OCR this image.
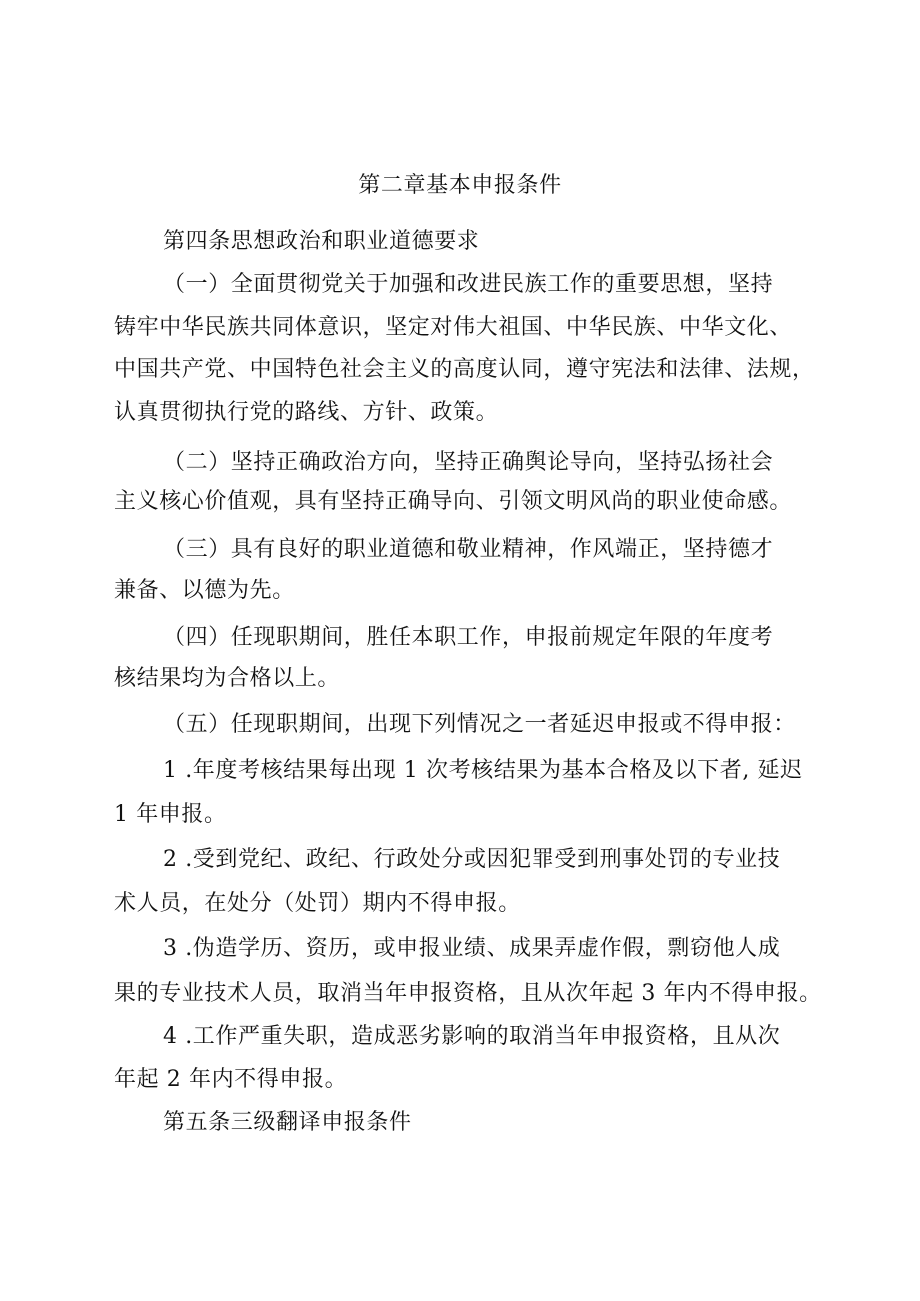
第二章基本申报条件
第四条思想政治和职业道德要求
（一）全面贯彻党关于加强和改进民族工作的重要思想，坚持
铸牢中华民族共同体意识，坚定对伟大祖国、中华民族、中华文化、
中国共产党、中国特色社会主义的高度认同，遵守宪法和法律、法规，
认真贯彻执行党的路线、方针、政策。
（二）坚持正确政治方向，坚持正确舆论导向，坚持弘扬社会
主义核心价值观，具有坚持正确导向、引领文明风尚的职业使命感。
（三）具有良好的职业道德和敬业精神，作风端正，坚持德才
兼备、以德为先。
（四）任现职期间，胜任本职工作，申报前规定年限的年度考
核结果均为合格以上。
（五）任现职期间，出现下列情况之一者延迟申报或不得申报：
1 .年度考核结果每出现 1 次考核结果为基本合格及以下者, 延迟
1 年申报。
2 .受到党纪、政纪、行政处分或因犯罪受到刑事处罚的专业技
术人员，在处分（处罚）期内不得申报。
3 .伪造学历、资历，或申报业绩、成果弄虚作假，剽窃他人成
果的专业技术人员，取消当年申报资格，且从次年起 3 年内不得申报。
4 .工作严重失职，造成恶劣影响的取消当年申报资格，且从次
年起 2 年内不得申报。
第五条三级翻译申报条件
